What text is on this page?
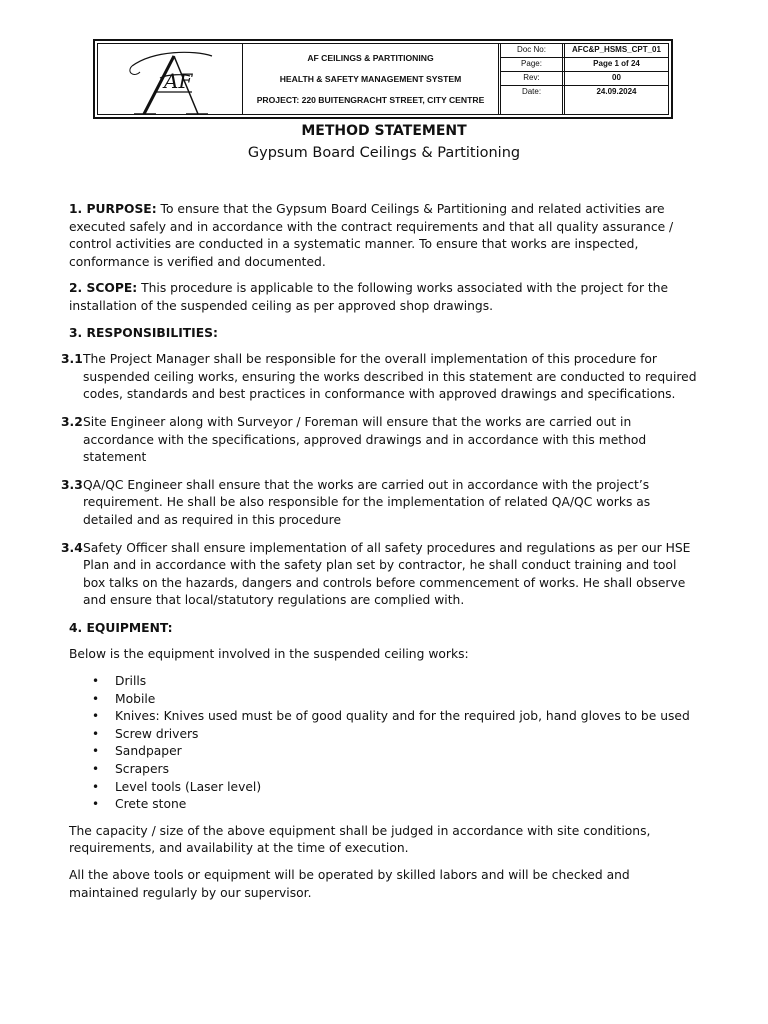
AF
AF CEILINGS & PARTITIONING
HEALTH & SAFETY MANAGEMENT SYSTEM
PROJECT: 220 BUITENGRACHT STREET, CITY CENTRE
Doc No:	AFC&P_HSMS_CPT_01
Page:	Page 1 of 24
Rev:	00
Date:	24.09.2024
METHOD STATEMENT
Gypsum Board Ceilings & Partitioning

1. PURPOSE: To ensure that the Gypsum Board Ceilings & Partitioning and related activities are executed safely and in accordance with the contract requirements and that all quality assurance / control activities are conducted in a systematic manner. To ensure that works are inspected, conformance is verified and documented.

2. SCOPE: This procedure is applicable to the following works associated with the project for the installation of the suspended ceiling as per approved shop drawings.

3. RESPONSIBILITIES:

3.1 The Project Manager shall be responsible for the overall implementation of this procedure for suspended ceiling works, ensuring the works described in this statement are conducted to required codes, standards and best practices in conformance with approved drawings and specifications.
3.2 Site Engineer along with Surveyor / Foreman will ensure that the works are carried out in accordance with the specifications, approved drawings and in accordance with this method statement
3.3 QA/QC Engineer shall ensure that the works are carried out in accordance with the project’s requirement. He shall be also responsible for the implementation of related QA/QC works as detailed and as required in this procedure
3.4 Safety Officer shall ensure implementation of all safety procedures and regulations as per our HSE Plan and in accordance with the safety plan set by contractor, he shall conduct training and tool box talks on the hazards, dangers and controls before commencement of works. He shall observe and ensure that local/statutory regulations are complied with.

4. EQUIPMENT:

Below is the equipment involved in the suspended ceiling works:

• Drills
• Mobile
• Knives: Knives used must be of good quality and for the required job, hand gloves to be used
• Screw drivers
• Sandpaper
• Scrapers
• Level tools (Laser level)
• Crete stone

The capacity / size of the above equipment shall be judged in accordance with site conditions, requirements, and availability at the time of execution.

All the above tools or equipment will be operated by skilled labors and will be checked and maintained regularly by our supervisor.
